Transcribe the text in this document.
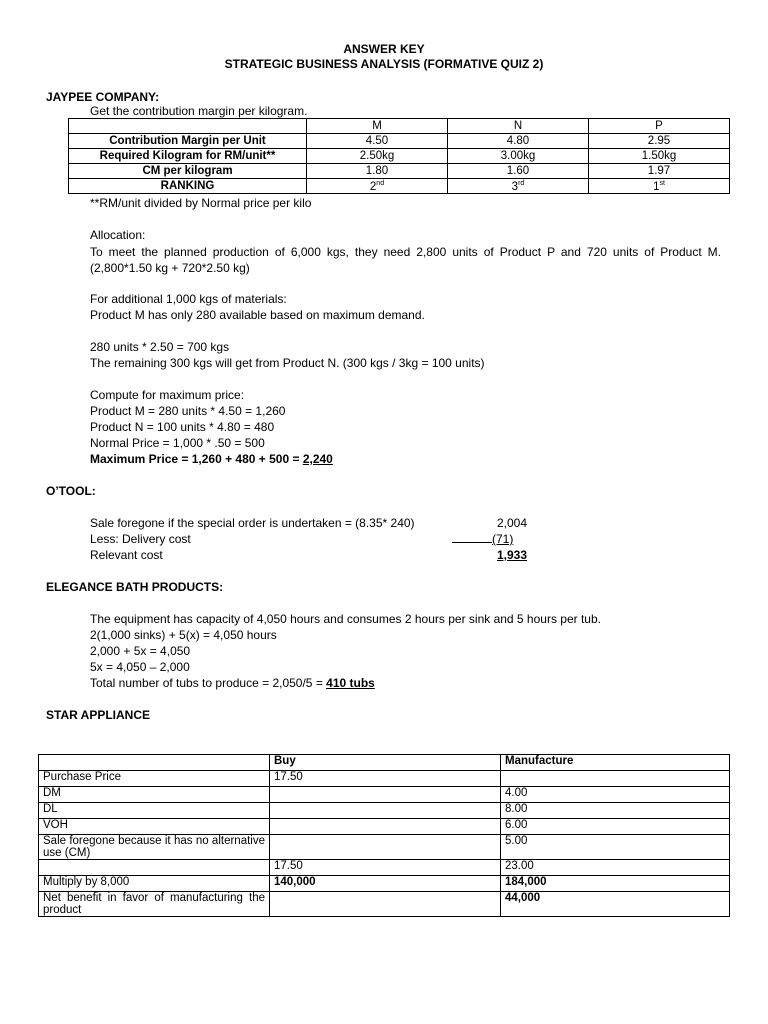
ANSWER KEY
STRATEGIC BUSINESS ANALYSIS (FORMATIVE QUIZ 2)
JAYPEE COMPANY:
Get the contribution margin per kilogram.
	M	N	P
Contribution Margin per Unit	4.50	4.80	2.95
Required Kilogram for RM/unit**	2.50kg	3.00kg	1.50kg
CM per kilogram	1.80	1.60	1.97
RANKING	2nd	3rd	1st
**RM/unit divided by Normal price per kilo
Allocation:
To meet the planned production of 6,000 kgs, they need 2,800 units of Product P and 720 units of Product M. (2,800*1.50 kg + 720*2.50 kg)
For additional 1,000 kgs of materials:
Product M has only 280 available based on maximum demand.
280 units * 2.50 = 700 kgs
The remaining 300 kgs will get from Product N. (300 kgs / 3kg = 100 units)
Compute for maximum price:
Product M = 280 units * 4.50 = 1,260
Product N = 100 units * 4.80 = 480
Normal Price = 1,000 * .50 = 500
Maximum Price = 1,260 + 480 + 500 = 2,240
O’TOOL:
Sale foregone if the special order is undertaken = (8.35* 240)	2,004
Less: Delivery cost	(71)
Relevant cost	1,933
ELEGANCE BATH PRODUCTS:
The equipment has capacity of 4,050 hours and consumes 2 hours per sink and 5 hours per tub.
2(1,000 sinks) + 5(x) = 4,050 hours
2,000 + 5x = 4,050
5x = 4,050 – 2,000
Total number of tubs to produce = 2,050/5 = 410 tubs
STAR APPLIANCE
	Buy	Manufacture
Purchase Price	17.50	
DM		4.00
DL		8.00
VOH		6.00
Sale foregone because it has no alternative use (CM)		5.00
	17.50	23.00
Multiply by 8,000	140,000	184,000
Net benefit in favor of manufacturing the product		44,000
